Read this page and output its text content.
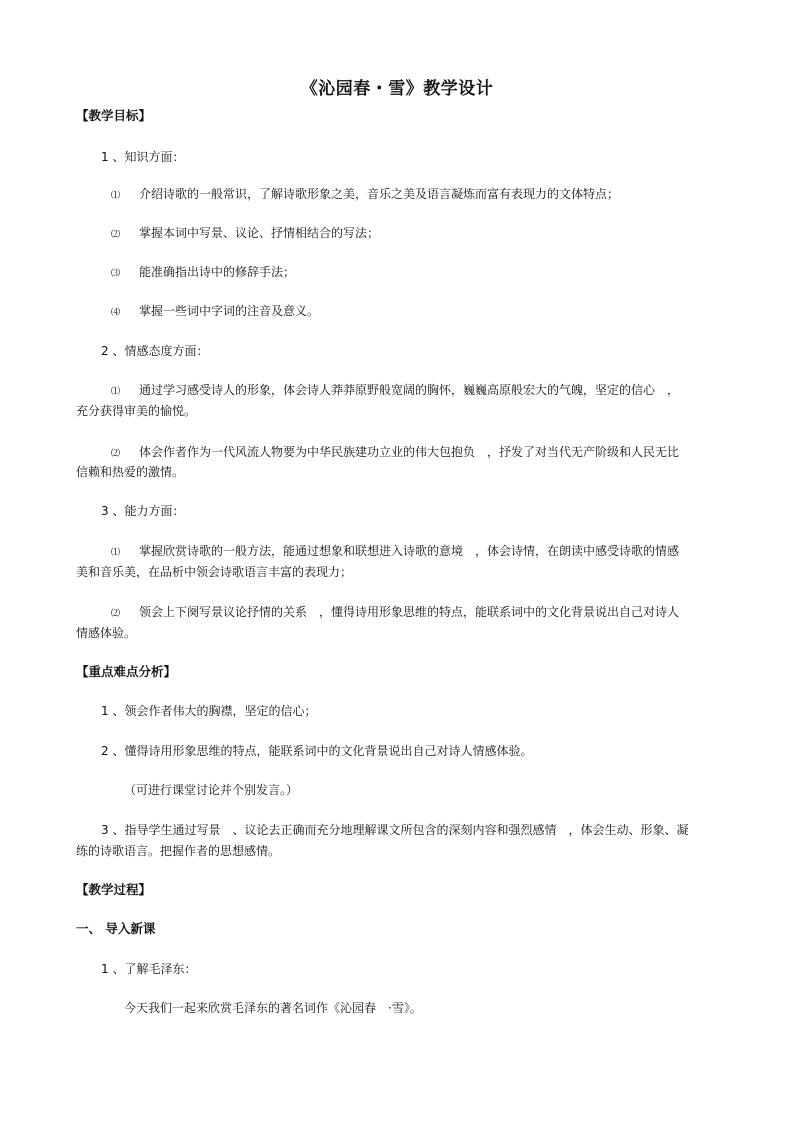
《沁园春・雪》教学设计
【教学目标】
1 、知识方面：
⑴ 介绍诗歌的一般常识，了解诗歌形象之美，音乐之美及语言凝炼而富有表现力的文体特点；
⑵ 掌握本词中写景、议论、抒情相结合的写法；
⑶ 能准确指出诗中的修辞手法；
⑷ 掌握一些词中字词的注音及意义。
2 、情感态度方面：
⑴ 通过学习感受诗人的形象，体会诗人莽莽原野般宽阔的胸怀，巍巍高原般宏大的气魄，坚定的信心　，
充分获得审美的愉悦。
⑵ 体会作者作为一代风流人物要为中华民族建功立业的伟大包抱负　，抒发了对当代无产阶级和人民无比
信赖和热爱的激情。
3 、能力方面：
⑴ 掌握欣赏诗歌的一般方法，能通过想象和联想进入诗歌的意境　，体会诗情，在朗读中感受诗歌的情感
美和音乐美，在品析中领会诗歌语言丰富的表现力；
⑵ 领会上下阕写景议论抒情的关系　，懂得诗用形象思维的特点，能联系词中的文化背景说出自己对诗人
情感体验。
【重点难点分析】
1 、领会作者伟大的胸襟，坚定的信心；
2 、懂得诗用形象思维的特点，能联系词中的文化背景说出自己对诗人情感体验。
（可进行课堂讨论并个别发言。）
3 、指导学生通过写景　、议论去正确而充分地理解课文所包含的深刻内容和强烈感情　，体会生动、形象、凝
练的诗歌语言。把握作者的思想感情。
【教学过程】
一、 导入新课
1 、了解毛泽东：
今天我们一起来欣赏毛泽东的著名词作《沁园春　·雪》。
